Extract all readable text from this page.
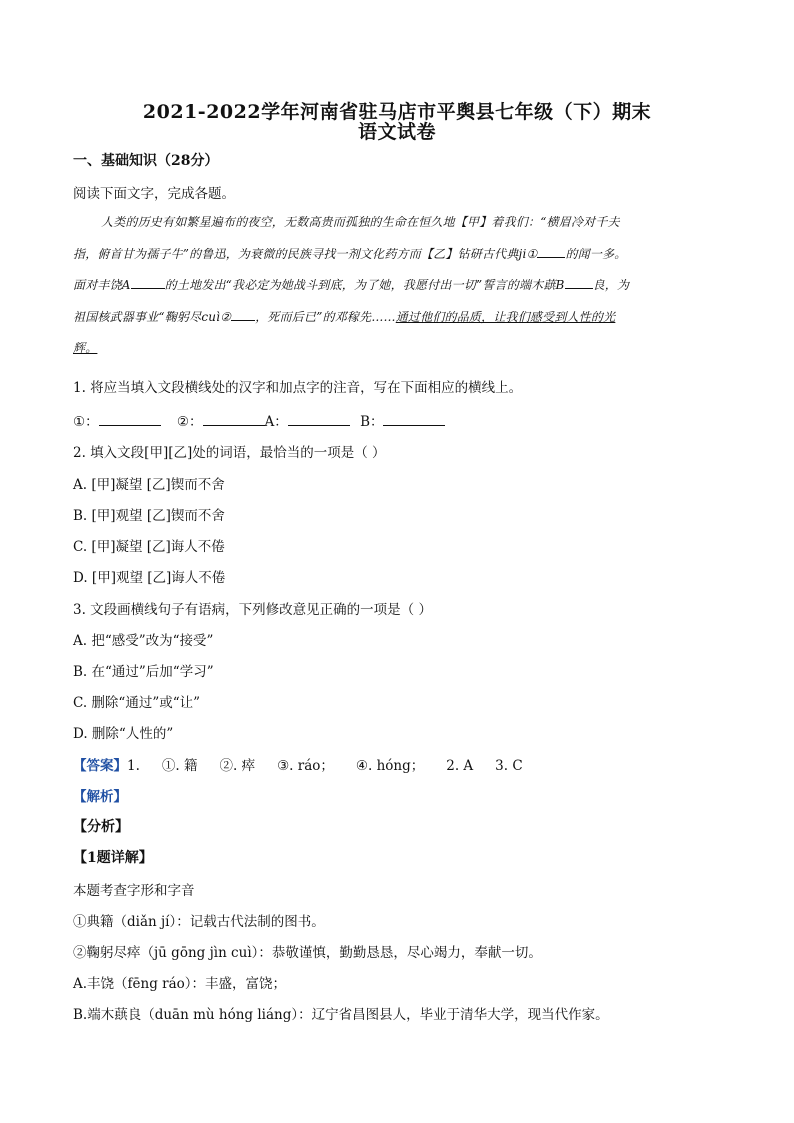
2021-2022学年河南省驻马店市平舆县七年级（下）期末
语文试卷
一、基础知识（28分）
阅读下面文字，完成各题。
人类的历史有如繁星遍布的夜空，无数高贵而孤独的生命在恒久地【甲】着我们：“横眉冷对千夫
指，俯首甘为孺子牛”的鲁迅，为衰微的民族寻找一剂文化药方而【乙】钻研古代典ji① 的闻一多。
面对丰饶A	的土地发出“我必定为她战斗到底，为了她，我愿付出一切”誓言的端木蕻B 良，为
祖国核武器事业“鞠躬尽cuì② ，死而后已”的邓稼先……通过他们的品质，让我们感受到人性的光
辉。
1. 将应当填入文段横线处的汉字和加点字的注音，写在下面相应的横线上。
①：	②：	A：	B：
2. 填入文段[甲][乙]处的词语，最恰当的一项是（ ）
A. [甲]凝望 [乙]锲而不舍
B. [甲]观望 [乙]锲而不舍
C. [甲]凝望 [乙]诲人不倦
D. [甲]观望 [乙]诲人不倦
3. 文段画横线句子有语病，下列修改意见正确的一项是（ ）
A. 把“感受”改为“接受”
B. 在“通过”后加“学习”
C. 删除“通过”或“让”
D. 删除“人性的”
【答案】1. ①. 籍 ②. 瘁 ③. ráo； ④. hóng； 2. A 3. C
【解析】
【分析】
【1题详解】
本题考查字形和字音
①典籍（diǎn jí）：记载古代法制的图书。
②鞠躬尽瘁（jū gōng jìn cuì）：恭敬谨慎，勤勤恳恳，尽心竭力，奉献一切。
A.丰饶（fēng ráo）：丰盛，富饶；
B.端木蕻良（duān mù hóng liáng）：辽宁省昌图县人，毕业于清华大学，现当代作家。
